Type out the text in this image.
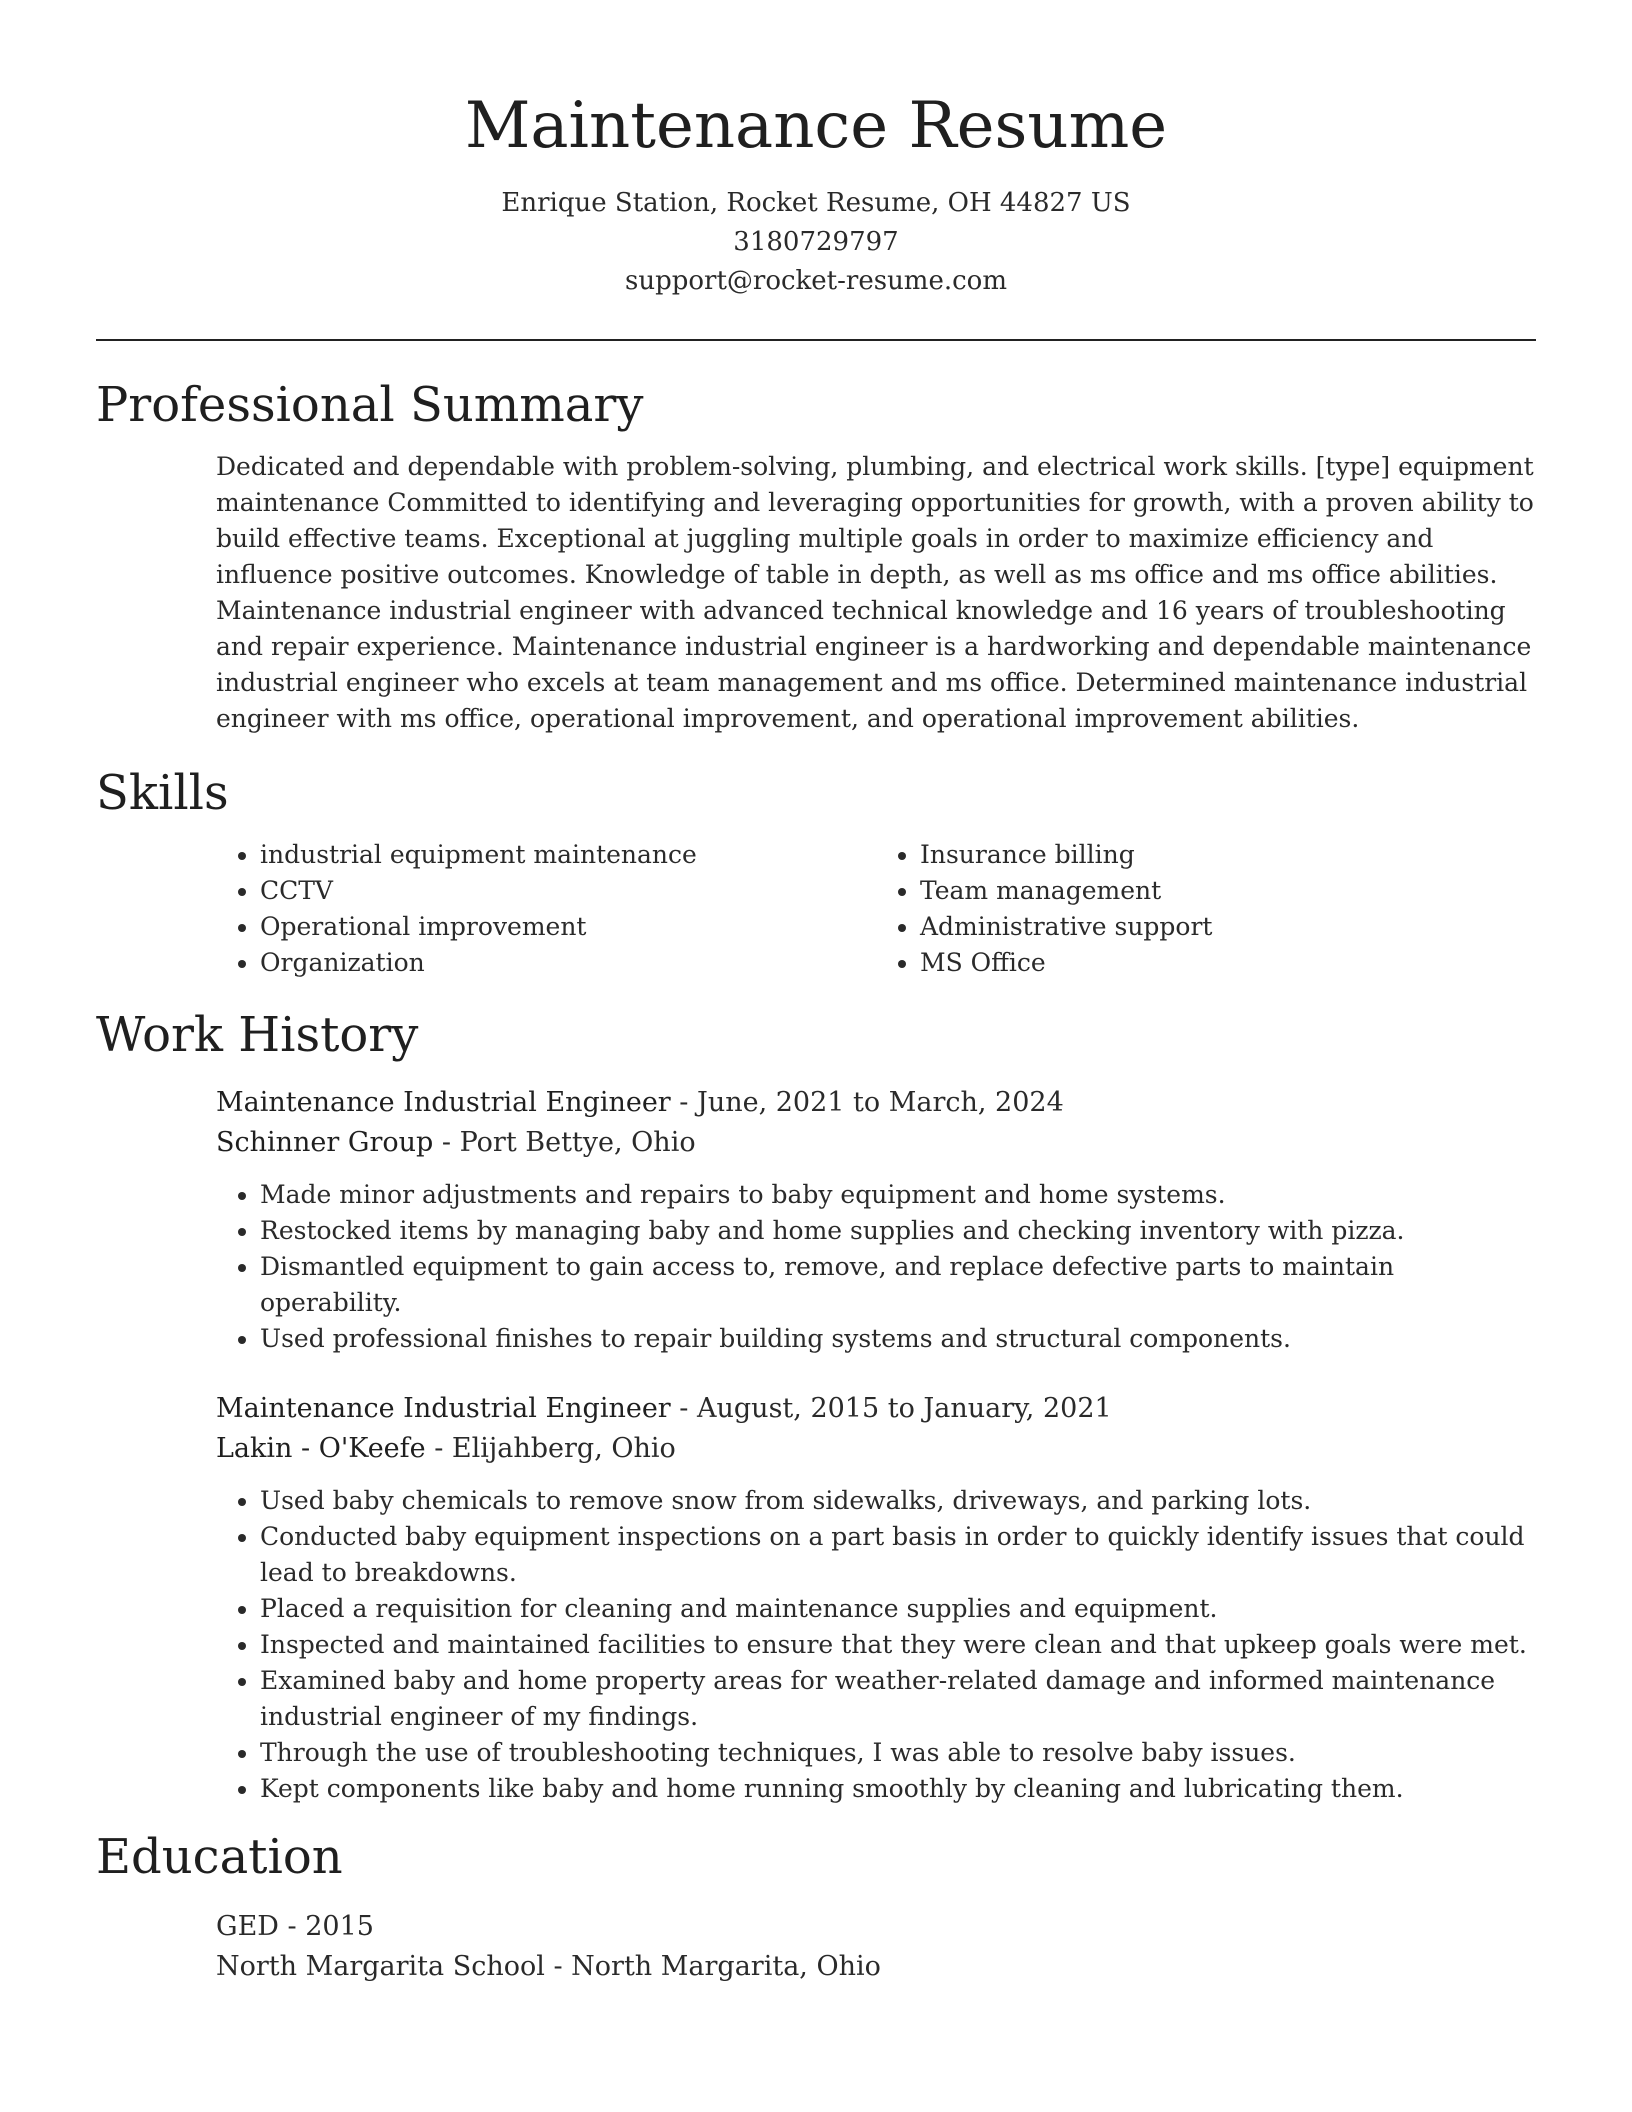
Maintenance Resume
Enrique Station, Rocket Resume, OH 44827 US
3180729797
support@rocket-resume.com
Professional Summary

Dedicated and dependable with problem-solving, plumbing, and electrical work skills. [type] equipment maintenance Committed to identifying and leveraging opportunities for growth, with a proven ability to build effective teams. Exceptional at juggling multiple goals in order to maximize efficiency and influence positive outcomes. Knowledge of table in depth, as well as ms office and ms office abilities. Maintenance industrial engineer with advanced technical knowledge and 16 years of troubleshooting and repair experience. Maintenance industrial engineer is a hardworking and dependable maintenance industrial engineer who excels at team management and ms office. Determined maintenance industrial engineer with ms office, operational improvement, and operational improvement abilities.

Skills
• industrial equipment maintenance
• CCTV
• Operational improvement
• Organization
• Insurance billing
• Team management
• Administrative support
• MS Office
Work History
Maintenance Industrial Engineer - June, 2021 to March, 2024
Schinner Group - Port Bettye, Ohio
• Made minor adjustments and repairs to baby equipment and home systems.
• Restocked items by managing baby and home supplies and checking inventory with pizza.
• Dismantled equipment to gain access to, remove, and replace defective parts to maintain operability.
• Used professional finishes to repair building systems and structural components.
Maintenance Industrial Engineer - August, 2015 to January, 2021
Lakin - O'Keefe - Elijahberg, Ohio
• Used baby chemicals to remove snow from sidewalks, driveways, and parking lots.
• Conducted baby equipment inspections on a part basis in order to quickly identify issues that could lead to breakdowns.
• Placed a requisition for cleaning and maintenance supplies and equipment.
• Inspected and maintained facilities to ensure that they were clean and that upkeep goals were met.
• Examined baby and home property areas for weather-related damage and informed maintenance industrial engineer of my findings.
• Through the use of troubleshooting techniques, I was able to resolve baby issues.
• Kept components like baby and home running smoothly by cleaning and lubricating them.
Education
GED - 2015
North Margarita School - North Margarita, Ohio
